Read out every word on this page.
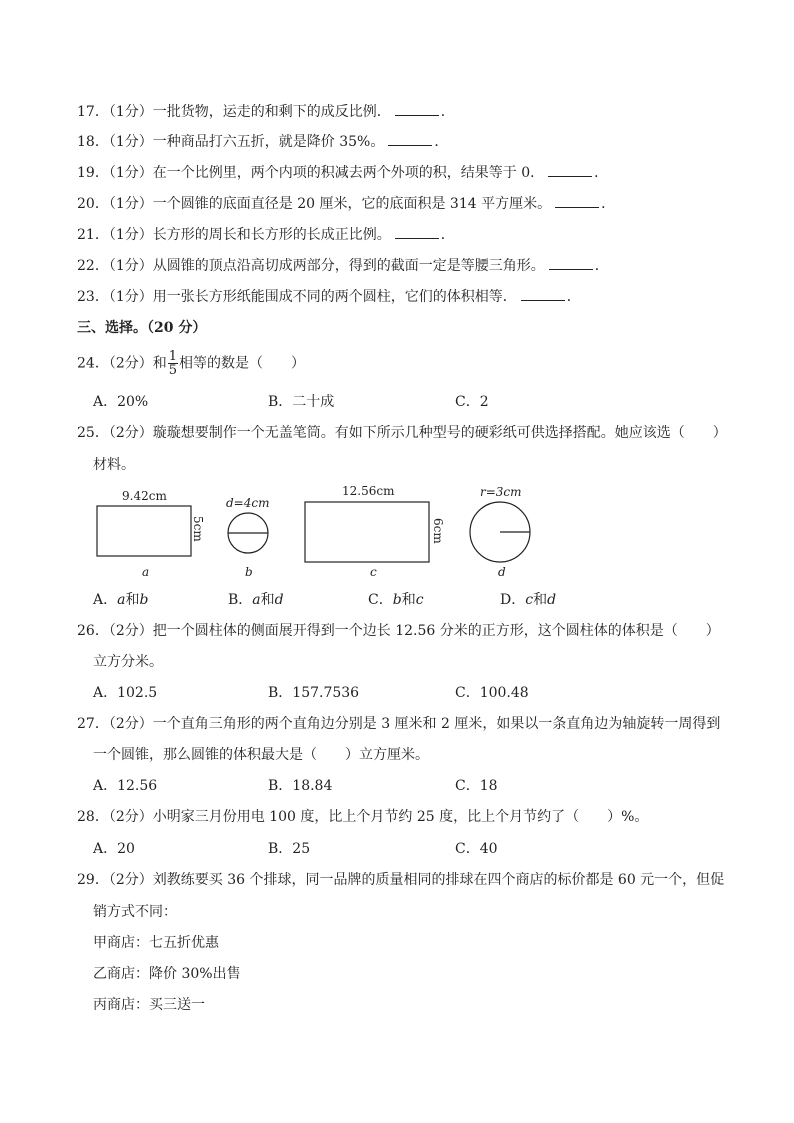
17．（1分）一批货物，运走的和剩下的成反比例．	．
18．（1分）一种商品打六五折，就是降价 35%。	．
19．（1分）在一个比例里，两个内项的积减去两个外项的积，结果等于 0．	．
20．（1分）一个圆锥的底面直径是 20 厘米，它的底面积是 314 平方厘米。	．
21．（1分）长方形的周长和长方形的长成正比例。	．
22．（1分）从圆锥的顶点沿高切成两部分，得到的截面一定是等腰三角形。	．
23．（1分）用一张长方形纸能围成不同的两个圆柱，它们的体积相等．	．
三、选择。（20 分）
24．（2分）和 $\frac{1}{5}$ 相等的数是（ ）
A．20%	B．二十成	C．2
25．（2分）璇璇想要制作一个无盖笔筒。有如下所示几种型号的硬彩纸可供选择搭配。她应该选（ ）
材料。
9.42cm
5cm
a
d=4cm
b
12.56cm
6cm
c
r=3cm
d
A．a和b	B．a和d	C．b和c	D．c和d
26．（2分）把一个圆柱体的侧面展开得到一个边长 12.56 分米的正方形，这个圆柱体的体积是（ ）
立方分米。
A．102.5	B．157.7536	C．100.48
27．（2分）一个直角三角形的两个直角边分别是 3 厘米和 2 厘米，如果以一条直角边为轴旋转一周得到
一个圆锥，那么圆锥的体积最大是（ ）立方厘米。
A．12.56	B．18.84	C．18
28．（2分）小明家三月份用电 100 度，比上个月节约 25 度，比上个月节约了（ ）%。
A．20	B．25	C．40
29．（2分）刘教练要买 36 个排球，同一品牌的质量相同的排球在四个商店的标价都是 60 元一个，但促
销方式不同：
甲商店：七五折优惠
乙商店：降价 30%出售
丙商店：买三送一
